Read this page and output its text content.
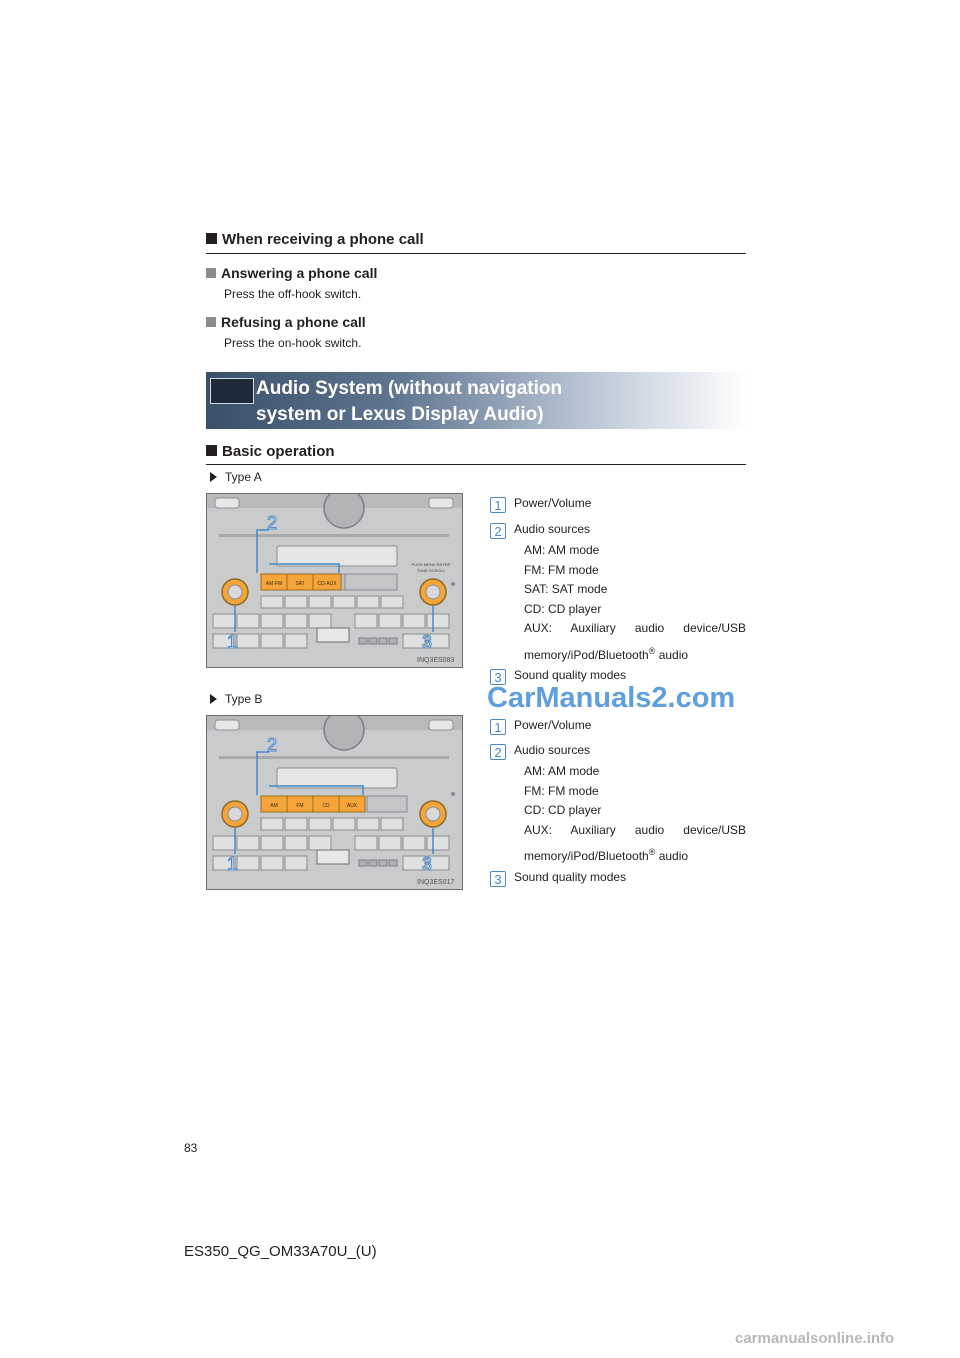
When receiving a phone call
Answering a phone call
Press the off-hook switch.
Refusing a phone call
Press the on-hook switch.
Audio System (without navigation
system or Lexus Display Audio)
Basic operation
Type A
AM·FM	SAT	CD·AUX
PUSH MENU·ENTER
TUNE·SCROLL
2
1	3
INQ3ES083
1	Power/Volume
2	Audio sources
AM: AM mode
FM: FM mode
SAT: SAT mode
CD: CD player
AUX: Auxiliary audio device/USB
memory/iPod/Bluetooth® audio
3	Sound quality modes
Type B
AM	FM	CD	AUX
2
1	3
INQ3ES017
1	Power/Volume
2	Audio sources
AM: AM mode
FM: FM mode
CD: CD player
AUX: Auxiliary audio device/USB
memory/iPod/Bluetooth® audio
3	Sound quality modes
CarManuals2.com
83
ES350_QG_OM33A70U_(U)
carmanualsonline.info
